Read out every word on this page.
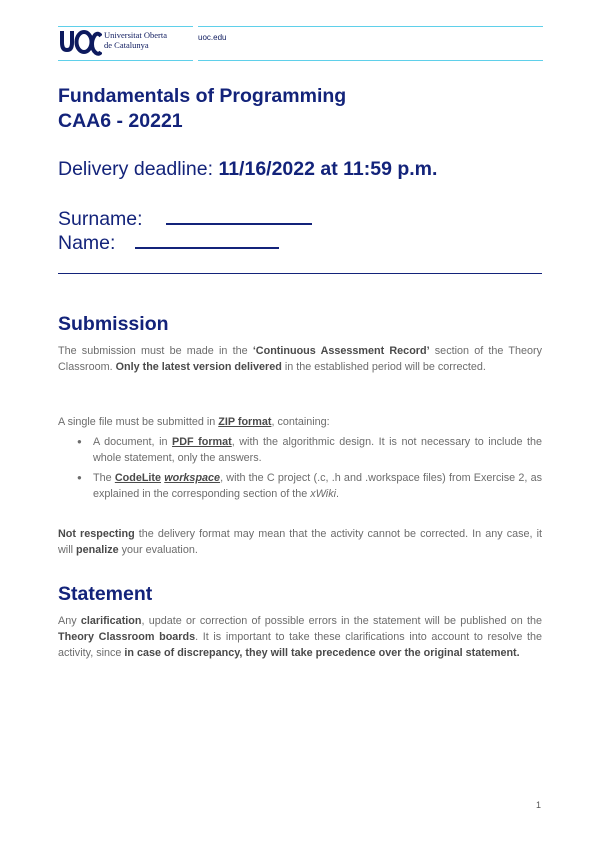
Universitat Oberta
de Catalunya
uoc.edu
Fundamentals of Programming
CAA6 - 20221
Delivery deadline: 11/16/2022 at 11:59 p.m.
Surname:
Name:
Submission
The submission must be made in the ‘Continuous Assessment Record’ section of the Theory Classroom. Only the latest version delivered in the established period will be corrected.
A single file must be submitted in ZIP format, containing:
● A document, in PDF format, with the algorithmic design. It is not necessary to include the whole statement, only the answers.
● The CodeLite workspace, with the C project (.c, .h and .workspace files) from Exercise 2, as explained in the corresponding section of the xWiki.
Not respecting the delivery format may mean that the activity cannot be corrected. In any case, it will penalize your evaluation.
Statement
Any clarification, update or correction of possible errors in the statement will be published on the Theory Classroom boards. It is important to take these clarifications into account to resolve the activity, since in case of discrepancy, they will take precedence over the original statement.
1
